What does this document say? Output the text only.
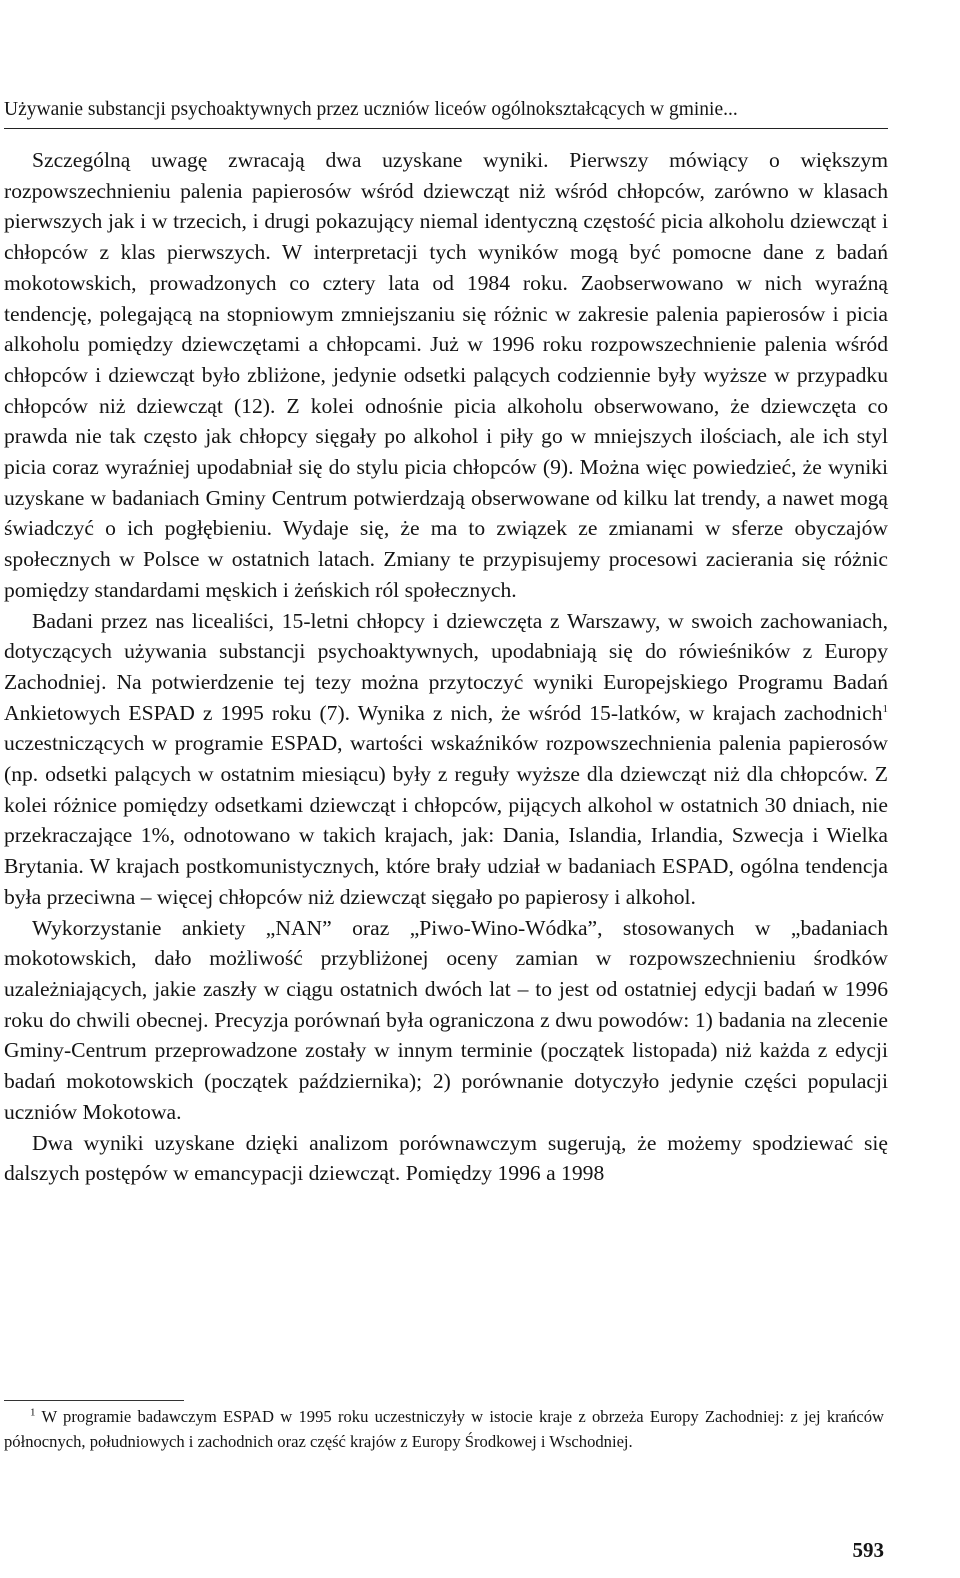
Używanie substancji psychoaktywnych przez uczniów liceów ogólnokształcących w gminie...

Szczególną uwagę zwracają dwa uzyskane wyniki. Pierwszy mówiący o większym rozpowszechnieniu palenia papierosów wśród dziewcząt niż wśród chłopców, zarówno w klasach pierwszych jak i w trzecich, i drugi pokazujący niemal identyczną częstość picia alkoholu dziewcząt i chłopców z klas pierwszych. W interpretacji tych wyników mogą być pomocne dane z badań mokotowskich, prowadzonych co cztery lata od 1984 roku. Zaobserwowano w nich wyraźną tendencję, polegającą na stopniowym zmniejszaniu się różnic w zakresie palenia papierosów i picia alkoholu pomiędzy dziewczętami a chłopcami. Już w 1996 roku rozpowszechnienie palenia wśród chłopców i dziewcząt było zbliżone, jedynie odsetki palących codziennie były wyższe w przypadku chłopców niż dziewcząt (12). Z kolei odnośnie picia alkoholu obserwowano, że dziewczęta co prawda nie tak często jak chłopcy sięgały po alkohol i piły go w mniejszych ilościach, ale ich styl picia coraz wyraźniej upodabniał się do stylu picia chłopców (9). Można więc powiedzieć, że wyniki uzyskane w badaniach Gminy Centrum potwierdzają obserwowane od kilku lat trendy, a nawet mogą świadczyć o ich pogłębieniu. Wydaje się, że ma to związek ze zmianami w sferze obyczajów społecznych w Polsce w ostatnich latach. Zmiany te przypisujemy procesowi zacierania się różnic pomiędzy standardami męskich i żeńskich ról społecznych.

Badani przez nas licealiści, 15-letni chłopcy i dziewczęta z Warszawy, w swoich zachowaniach, dotyczących używania substancji psychoaktywnych, upodabniają się do rówieśników z Europy Zachodniej. Na potwierdzenie tej tezy można przytoczyć wyniki Europejskiego Programu Badań Ankietowych ESPAD z 1995 roku (7). Wynika z nich, że wśród 15-latków, w krajach zachodnich$^1$ uczestniczących w programie ESPAD, wartości wskaźników rozpowszechnienia palenia papierosów (np. odsetki palących w ostatnim miesiącu) były z reguły wyższe dla dziewcząt niż dla chłopców. Z kolei różnice pomiędzy odsetkami dziewcząt i chłopców, pijących alkohol w ostatnich 30 dniach, nie przekraczające 1%, odnotowano w takich krajach, jak: Dania, Islandia, Irlandia, Szwecja i Wielka Brytania. W krajach postkomunistycznych, które brały udział w badaniach ESPAD, ogólna tendencja była przeciwna – więcej chłopców niż dziewcząt sięgało po papierosy i alkohol.

Wykorzystanie ankiety „NAN” oraz „Piwo-Wino-Wódka”, stosowanych w „badaniach mokotowskich, dało możliwość przybliżonej oceny zamian w rozpowszechnieniu środków uzależniających, jakie zaszły w ciągu ostatnich dwóch lat – to jest od ostatniej edycji badań w 1996 roku do chwili obecnej. Precyzja porównań była ograniczona z dwu powodów: 1) badania na zlecenie Gminy-Centrum przeprowadzone zostały w innym terminie (początek listopada) niż każda z edycji badań mokotowskich (początek października); 2) porównanie dotyczyło jedynie części populacji uczniów Mokotowa.

Dwa wyniki uzyskane dzięki analizom porównawczym sugerują, że możemy spodziewać się dalszych postępów w emancypacji dziewcząt. Pomiędzy 1996 a 1998

$^1$ W programie badawczym ESPAD w 1995 roku uczestniczyły w istocie kraje z obrzeża Europy Zachodniej: z jej krańców północnych, południowych i zachodnich oraz część krajów z Europy Środkowej i Wschodniej.

593
